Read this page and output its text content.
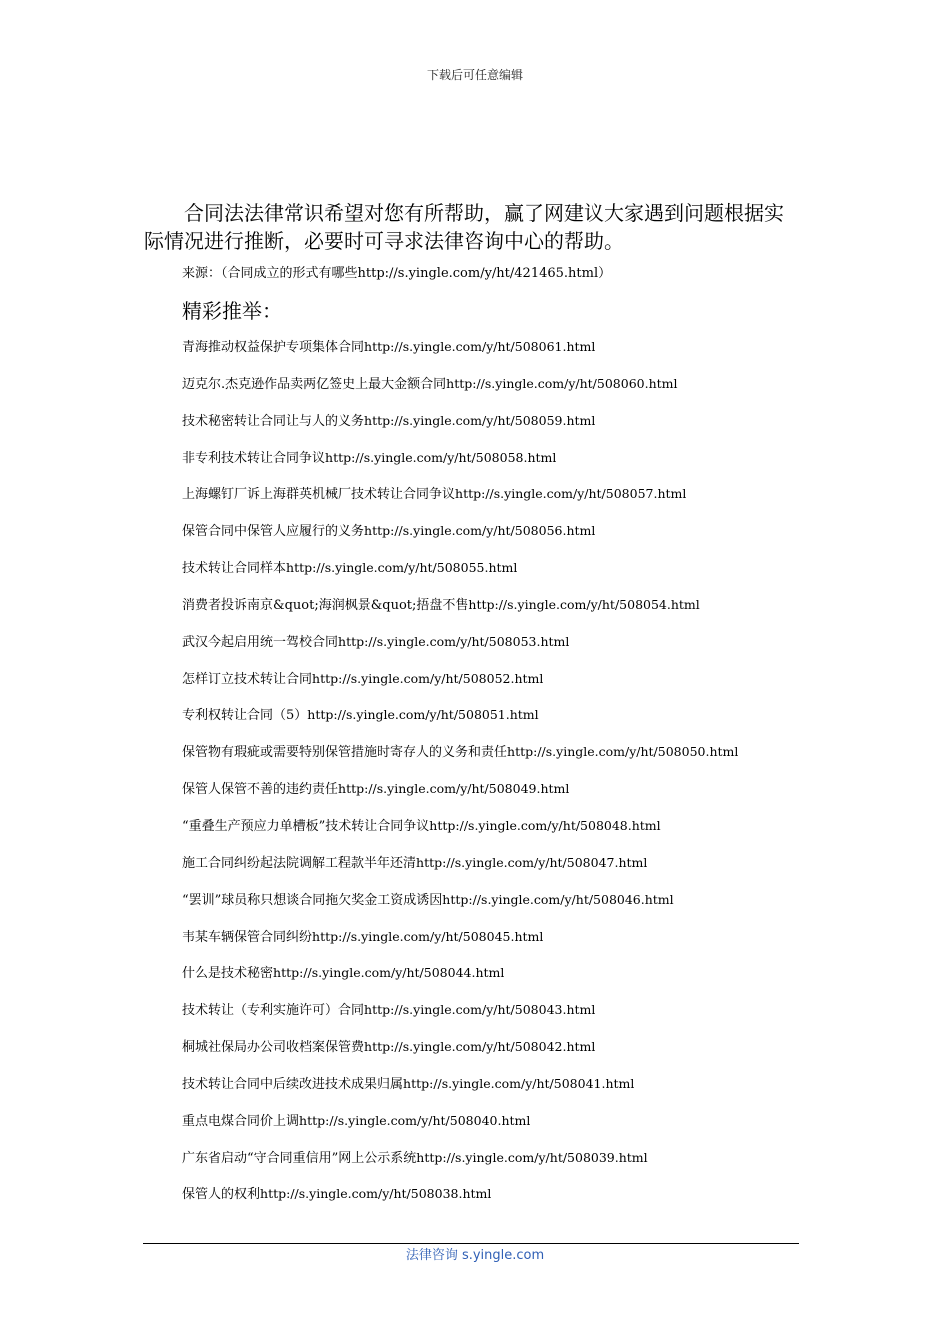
下载后可任意编辑

合同法法律常识希望对您有所帮助，赢了网建议大家遇到问题根据实际情况进行推断，必要时可寻求法律咨询中心的帮助。

来源：（合同成立的形式有哪些http://s.yingle.com/y/ht/421465.html）

精彩推举：
青海推动权益保护专项集体合同http://s.yingle.com/y/ht/508061.html
迈克尔.杰克逊作品卖两亿签史上最大金额合同http://s.yingle.com/y/ht/508060.html
技术秘密转让合同让与人的义务http://s.yingle.com/y/ht/508059.html
非专利技术转让合同争议http://s.yingle.com/y/ht/508058.html
上海螺钉厂诉上海群英机械厂技术转让合同争议http://s.yingle.com/y/ht/508057.html
保管合同中保管人应履行的义务http://s.yingle.com/y/ht/508056.html
技术转让合同样本http://s.yingle.com/y/ht/508055.html
消费者投诉南京&quot;海润枫景&quot;捂盘不售http://s.yingle.com/y/ht/508054.html
武汉今起启用统一驾校合同http://s.yingle.com/y/ht/508053.html
怎样订立技术转让合同http://s.yingle.com/y/ht/508052.html
专利权转让合同（5）http://s.yingle.com/y/ht/508051.html
保管物有瑕疵或需要特别保管措施时寄存人的义务和责任http://s.yingle.com/y/ht/508050.html
保管人保管不善的违约责任http://s.yingle.com/y/ht/508049.html
“重叠生产预应力单槽板”技术转让合同争议http://s.yingle.com/y/ht/508048.html
施工合同纠纷起法院调解工程款半年还清http://s.yingle.com/y/ht/508047.html
“罢训”球员称只想谈合同拖欠奖金工资成诱因http://s.yingle.com/y/ht/508046.html
韦某车辆保管合同纠纷http://s.yingle.com/y/ht/508045.html
什么是技术秘密http://s.yingle.com/y/ht/508044.html
技术转让（专利实施许可）合同http://s.yingle.com/y/ht/508043.html
桐城社保局办公司收档案保管费http://s.yingle.com/y/ht/508042.html
技术转让合同中后续改进技术成果归属http://s.yingle.com/y/ht/508041.html
重点电煤合同价上调http://s.yingle.com/y/ht/508040.html
广东省启动“守合同重信用”网上公示系统http://s.yingle.com/y/ht/508039.html
保管人的权利http://s.yingle.com/y/ht/508038.html
法律咨询 s.yingle.com
